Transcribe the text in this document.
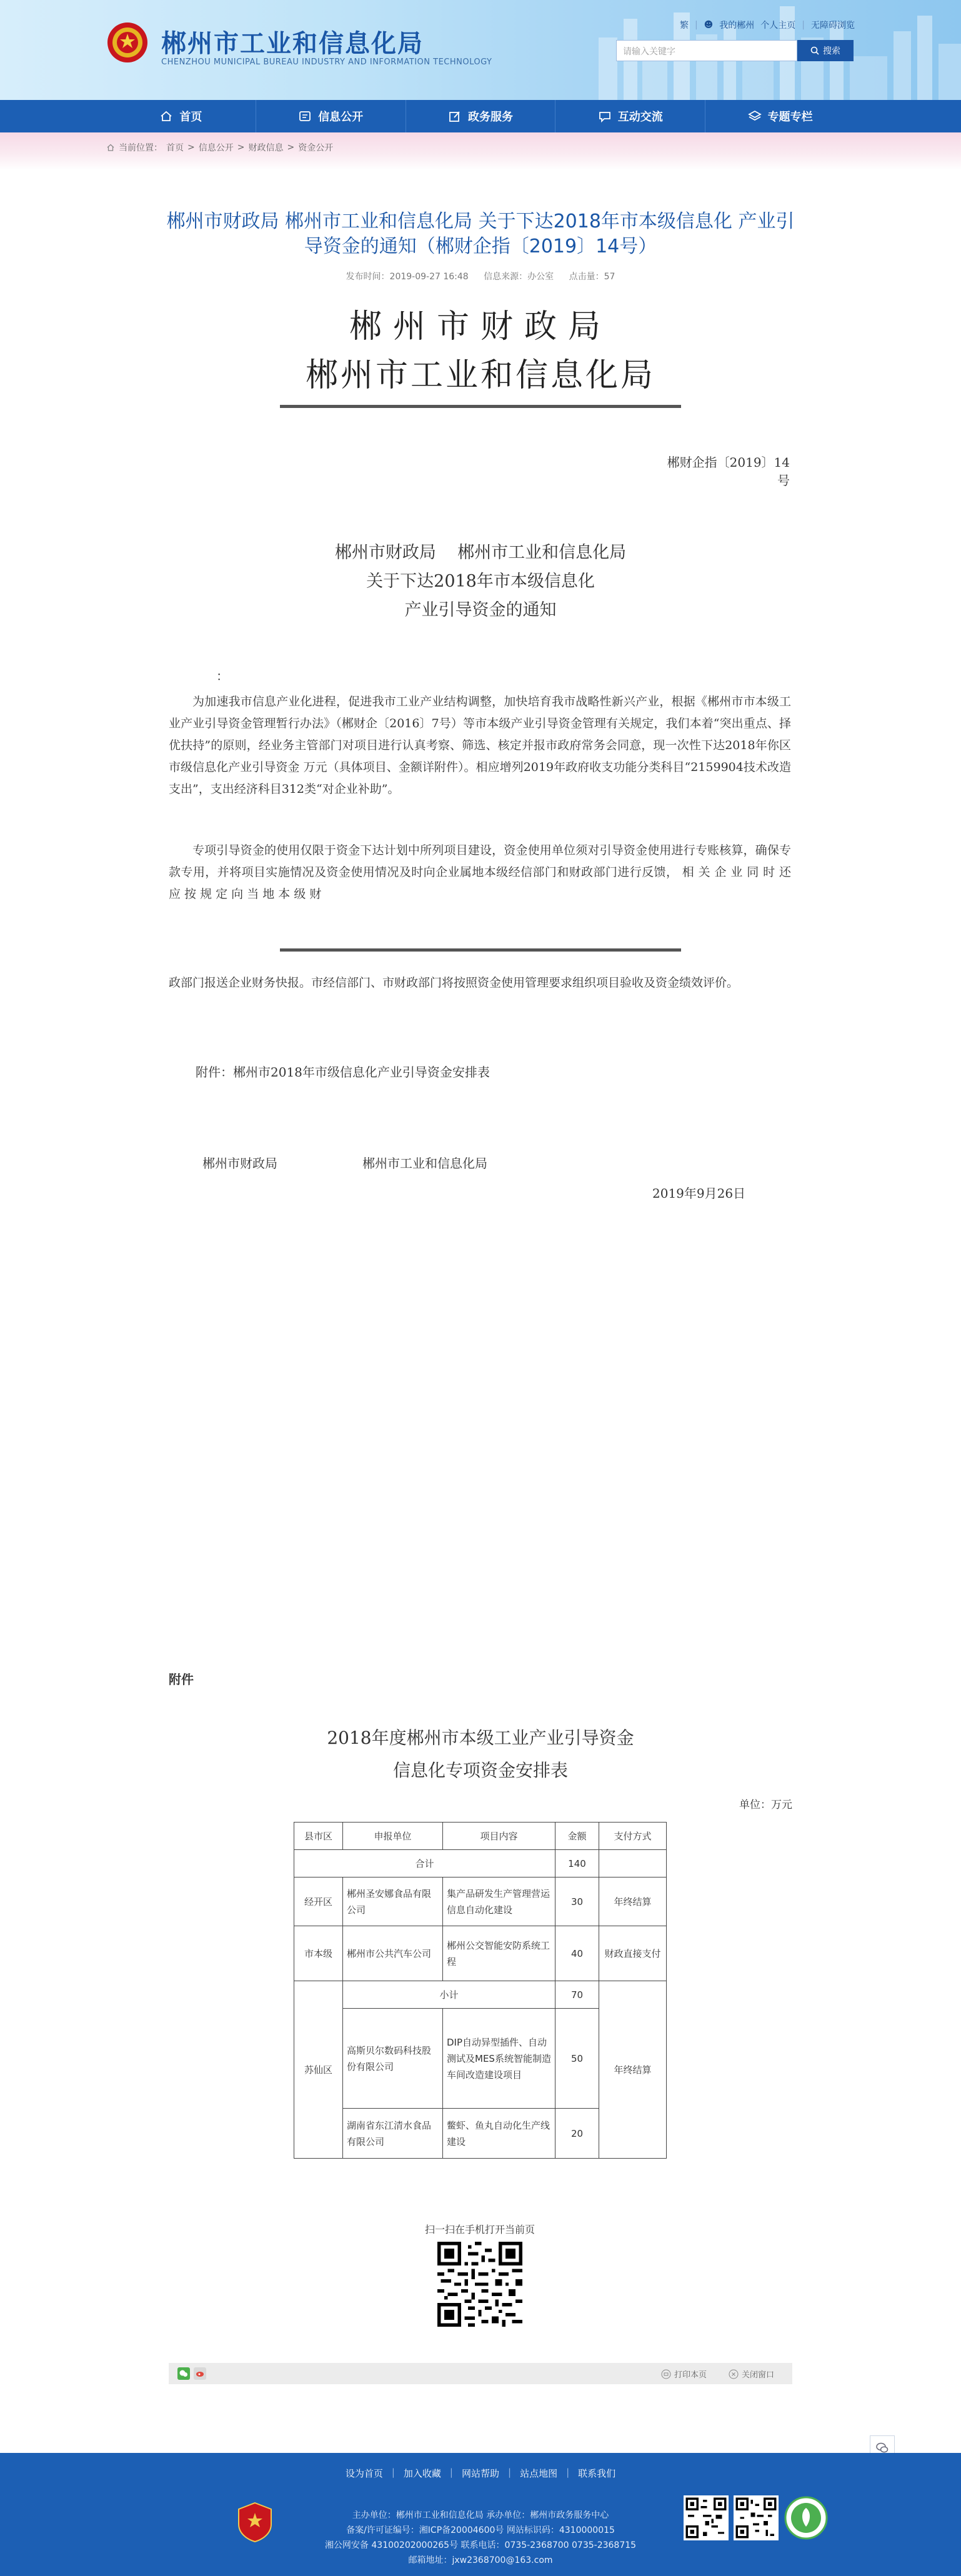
郴州市工业和信息化局
CHENZHOU MUNICIPAL BUREAU INDUSTRY AND INFORMATION TECHNOLOGY
繁 | ☻ 我的郴州 个人主页 | 无障碍浏览
请输入关键字	搜索
首页	信息公开	政务服务	互动交流	专题专栏
当前位置： 首页 > 信息公开 > 财政信息 > 资金公开
郴州市财政局 郴州市工业和信息化局 关于下达2018年市本级信息化 产业引导资金的通知（郴财企指〔2019〕14号）
发布时间：2019-09-27 16:48 信息来源：办公室 点击量：57
郴州市财政局
郴州市工业和信息化局
郴财企指〔2019〕14号
郴州市财政局    郴州市工业和信息化局
关于下达2018年市本级信息化
产业引导资金的通知
：
为加速我市信息产业化进程，促进我市工业产业结构调整，加快培育我市战略性新兴产业，根据《郴州市市本级工业产业引导资金管理暂行办法》（郴财企〔2016〕7号）等市本级产业引导资金管理有关规定，我们本着“突出重点、择优扶持”的原则，经业务主管部门对项目进行认真考察、筛选、核定并报市政府常务会同意，现一次性下达2018年你区市级信息化产业引导资金 万元（具体项目、金额详附件）。相应增列2019年政府收支功能分类科目“2159904技术改造支出”，支出经济科目312类“对企业补助”。
专项引导资金的使用仅限于资金下达计划中所列项目建设，资金使用单位须对引导资金使用进行专账核算，确保专款专用，并将项目实施情况及资金使用情况及时向企业属地本级经信部门和财政部门进行反馈， 相 关 企 业 同 时 还 应 按 规 定 向 当 地 本 级 财
政部门报送企业财务快报。市经信部门、市财政部门将按照资金使用管理要求组织项目验收及资金绩效评价。
附件：郴州市2018年市级信息化产业引导资金安排表
郴州市财政局	郴州市工业和信息化局
2019年9月26日
附件
2018年度郴州市本级工业产业引导资金
信息化专项资金安排表
单位：万元
县市区	申报单位	项目内容	金额	支付方式
合计			140	
经开区	郴州圣安娜食品有限公司	集产品研发生产管理营运信息自动化建设	30	年终结算
市本级	郴州市公共汽车公司	郴州公交智能安防系统工程	40	财政直接支付
苏仙区	小计		70	年终结算
	高斯贝尔数码科技股份有限公司	DIP自动异型插件、自动测试及MES系统智能制造车间改造建设项目	50	
	湖南省东江清水食品有限公司	鳖虾、鱼丸自动化生产线建设	20	
扫一扫在手机打开当前页
打印本页	关闭窗口
设为首页 | 加入收藏 | 网站帮助 | 站点地图 | 联系我们
主办单位：郴州市工业和信息化局 承办单位：郴州市政务服务中心
备案/许可证编号：湘ICP备20004600号 网站标识码：4310000015
湘公网安备 43100202000265号 联系电话：0735-2368700 0735-2368715
邮箱地址：jxw2368700@163.com
